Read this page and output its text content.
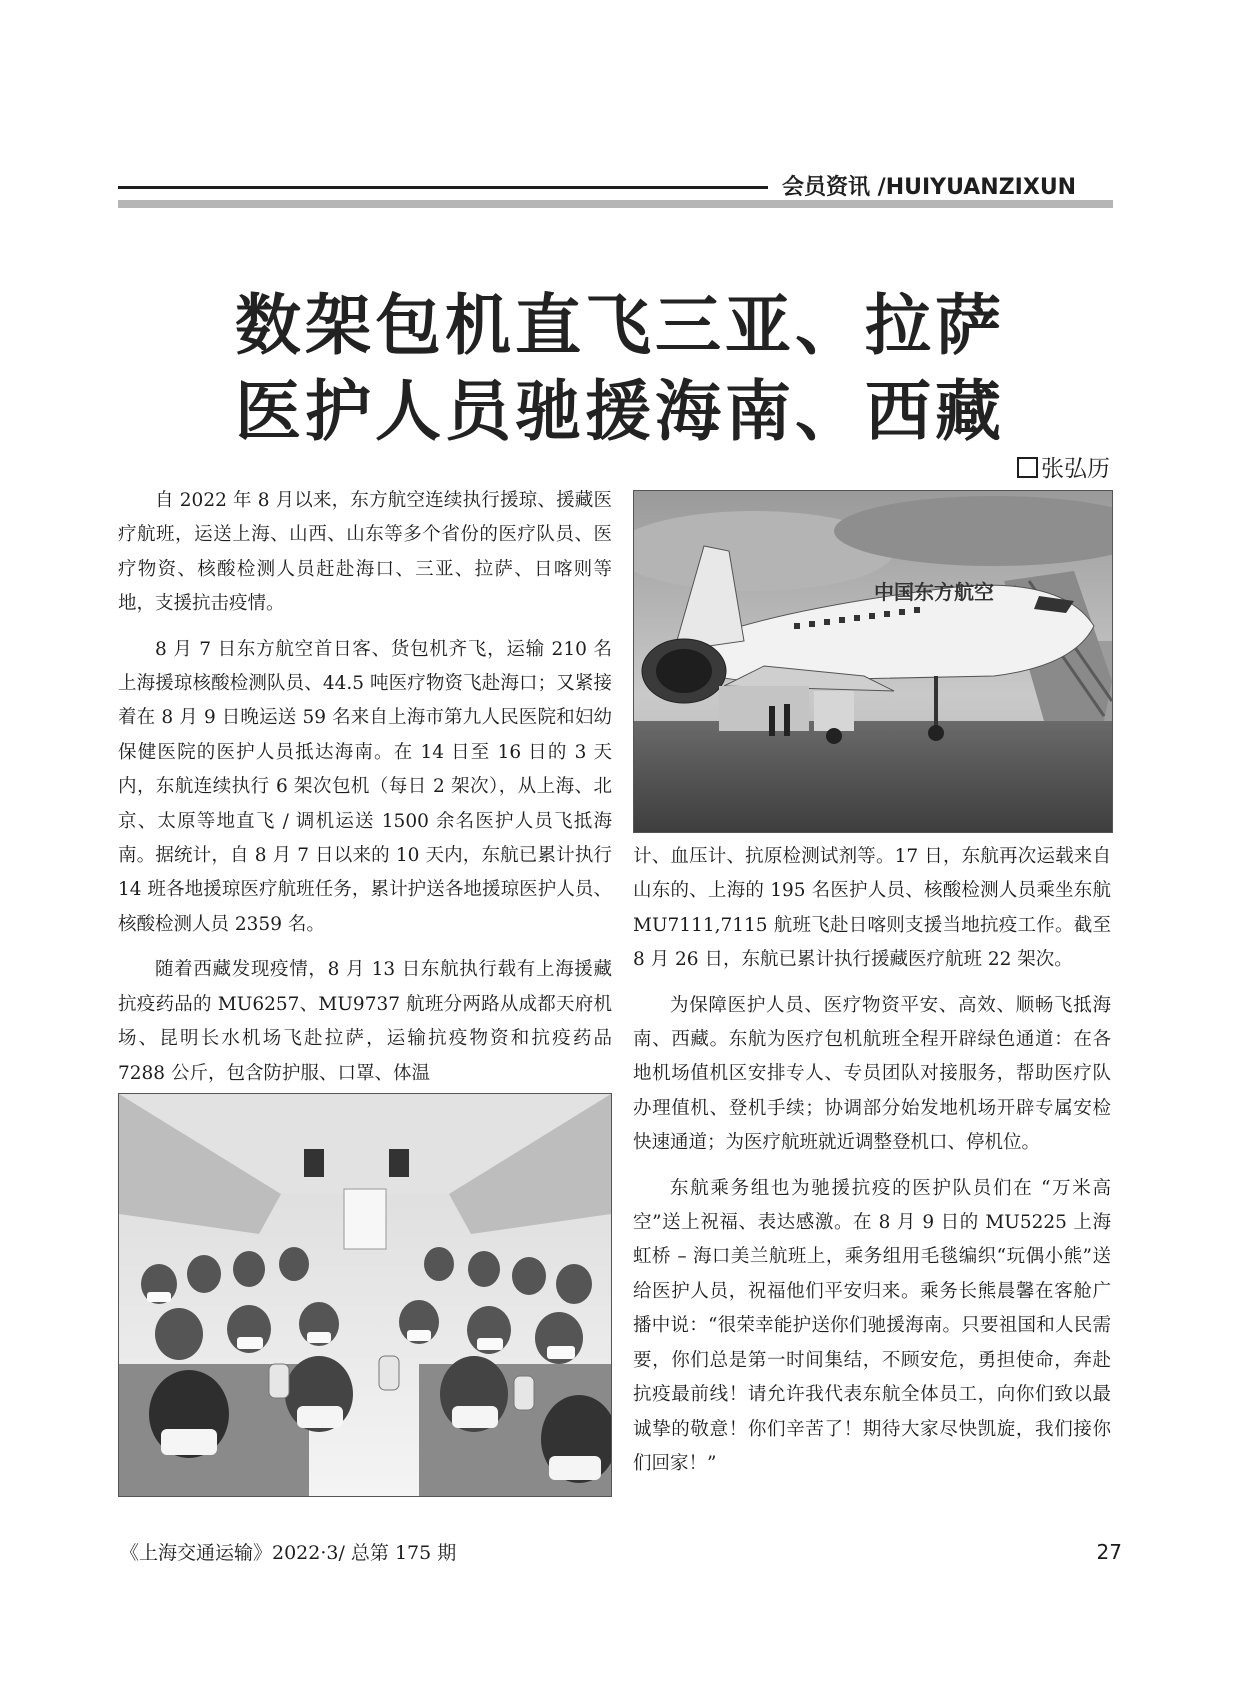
会员资讯 /HUIYUANZIXUN
数架包机直飞三亚、拉萨
医护人员驰援海南、西藏
张弘历

自 2022 年 8 月以来，东方航空连续执行援琼、援藏医疗航班，运送上海、山西、山东等多个省份的医疗队员、医疗物资、核酸检测人员赶赴海口、三亚、拉萨、日喀则等地，支援抗击疫情。

8 月 7 日东方航空首日客、货包机齐飞，运输 210 名上海援琼核酸检测队员、44.5 吨医疗物资飞赴海口；又紧接着在 8 月 9 日晚运送 59 名来自上海市第九人民医院和妇幼保健医院的医护人员抵达海南。在 14 日至 16 日的 3 天内，东航连续执行 6 架次包机（每日 2 架次），从上海、北京、太原等地直飞 / 调机运送 1500 余名医护人员飞抵海南。据统计，自 8 月 7 日以来的 10 天内，东航已累计执行 14 班各地援琼医疗航班任务，累计护送各地援琼医护人员、核酸检测人员 2359 名。

随着西藏发现疫情，8 月 13 日东航执行载有上海援藏抗疫药品的 MU6257、MU9737 航班分两路从成都天府机场、昆明长水机场飞赴拉萨，运输抗疫物资和抗疫药品 7288 公斤，包含防护服、口罩、体温

中国东方航空

计、血压计、抗原检测试剂等。17 日，东航再次运载来自山东的、上海的 195 名医护人员、核酸检测人员乘坐东航 MU7111,7115 航班飞赴日喀则支援当地抗疫工作。截至 8 月 26 日，东航已累计执行援藏医疗航班 22 架次。

为保障医护人员、医疗物资平安、高效、顺畅飞抵海南、西藏。东航为医疗包机航班全程开辟绿色通道：在各地机场值机区安排专人、专员团队对接服务，帮助医疗队办理值机、登机手续；协调部分始发地机场开辟专属安检快速通道；为医疗航班就近调整登机口、停机位。

东航乘务组也为驰援抗疫的医护队员们在 “万米高空”送上祝福、表达感激。在 8 月 9 日的 MU5225 上海虹桥 – 海口美兰航班上，乘务组用毛毯编织“玩偶小熊”送给医护人员，祝福他们平安归来。乘务长熊晨馨在客舱广播中说：“很荣幸能护送你们驰援海南。只要祖国和人民需要，你们总是第一时间集结，不顾安危，勇担使命，奔赴抗疫最前线！请允许我代表东航全体员工，向你们致以最诚挚的敬意！你们辛苦了！期待大家尽快凯旋，我们接你们回家！”

《上海交通运输》2022·3/ 总第 175 期	27
